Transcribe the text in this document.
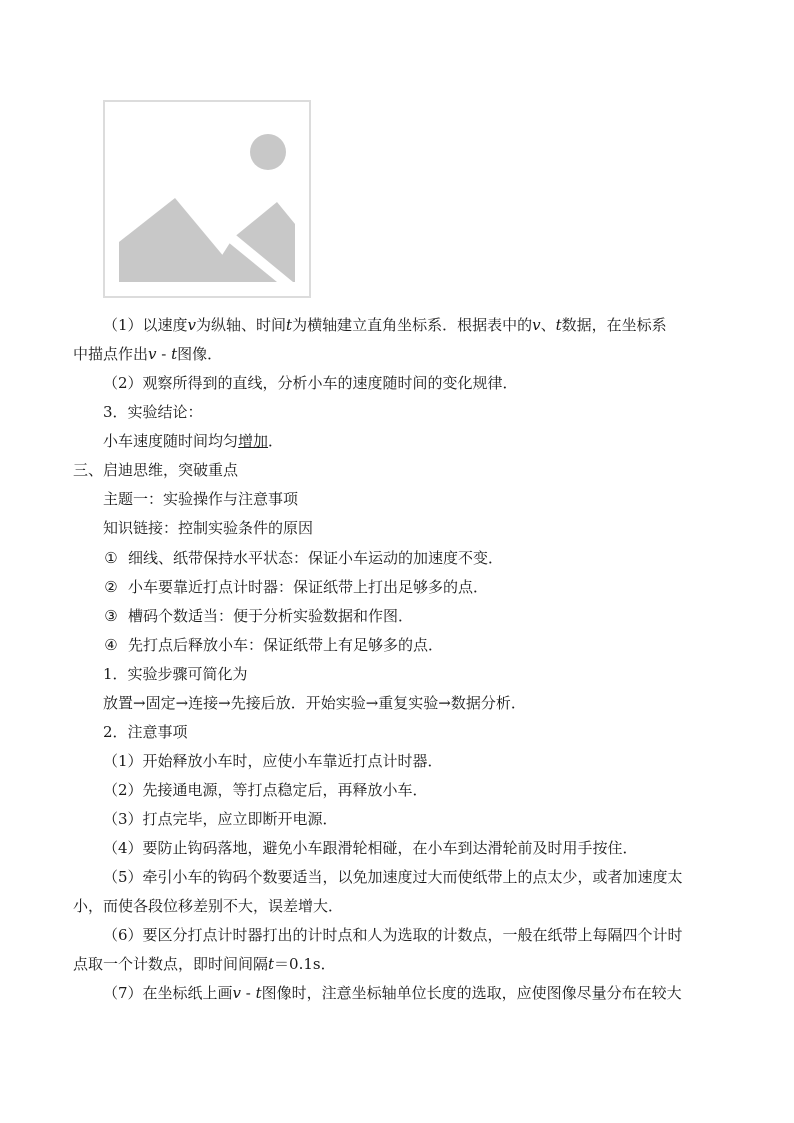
（1）以速度v为纵轴、时间t为横轴建立直角坐标系．根据表中的v、t数据，在坐标系
中描点作出v - t图像．
（2）观察所得到的直线，分析小车的速度随时间的变化规律．
3．实验结论：
小车速度随时间均匀增加．
三、启迪思维，突破重点
主题一：实验操作与注意事项
知识链接：控制实验条件的原因
① 细线、纸带保持水平状态：保证小车运动的加速度不变．
② 小车要靠近打点计时器：保证纸带上打出足够多的点．
③ 槽码个数适当：便于分析实验数据和作图．
④ 先打点后释放小车：保证纸带上有足够多的点．
1．实验步骤可简化为
放置→固定→连接→先接后放．开始实验→重复实验→数据分析．
2．注意事项
（1）开始释放小车时，应使小车靠近打点计时器．
（2）先接通电源，等打点稳定后，再释放小车．
（3）打点完毕，应立即断开电源．
（4）要防止钩码落地，避免小车跟滑轮相碰，在小车到达滑轮前及时用手按住．
（5）牵引小车的钩码个数要适当，以免加速度过大而使纸带上的点太少，或者加速度太
小，而使各段位移差别不大，误差增大．
（6）要区分打点计时器打出的计时点和人为选取的计数点，一般在纸带上每隔四个计时
点取一个计数点，即时间间隔t＝0.1s．
（7）在坐标纸上画v - t图像时，注意坐标轴单位长度的选取，应使图像尽量分布在较大
